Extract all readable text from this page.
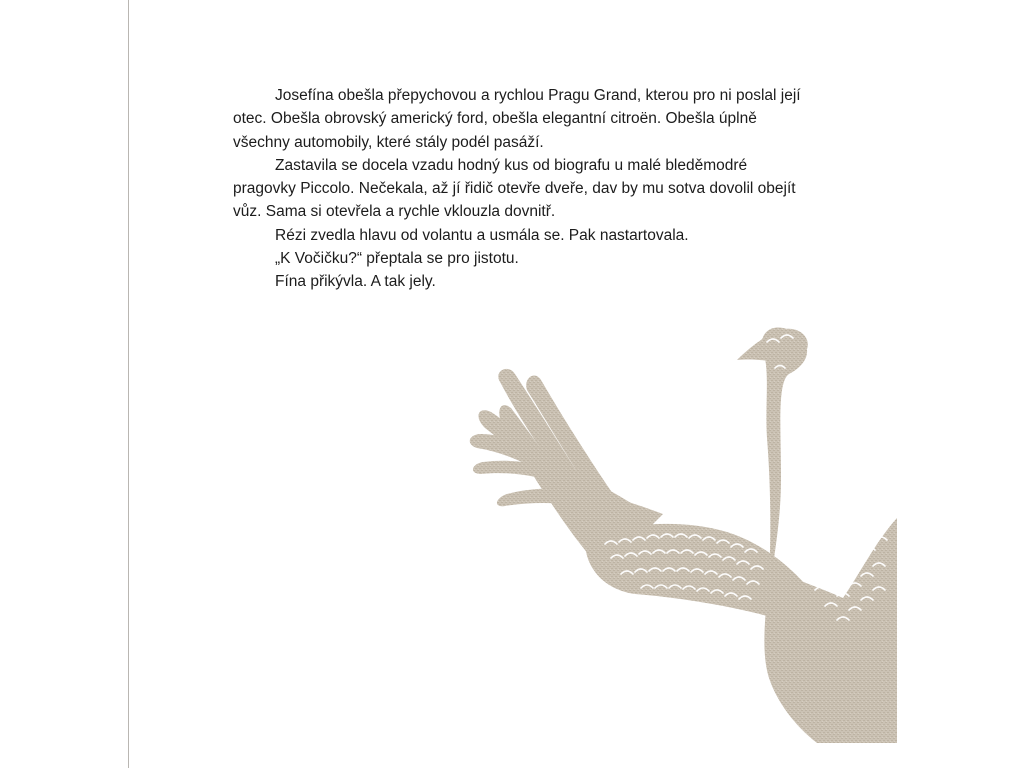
Josefína obešla přepychovou a rychlou Pragu Grand, kterou pro ni poslal její otec. Obešla obrovský americký ford, obešla elegantní citroën. Obešla úplně všechny automobily, které stály podél pasáží.

Zastavila se docela vzadu hodný kus od biografu u malé bleděmodré pragovky Piccolo. Nečekala, až jí řidič otevře dveře, dav by mu sotva dovolil obejít vůz. Sama si otevřela a rychle vklouzla dovnitř.

Rézi zvedla hlavu od volantu a usmála se. Pak nastartovala.

„K Vočičku?“ přeptala se pro jistotu.

Fína přikývla. A tak jely.
